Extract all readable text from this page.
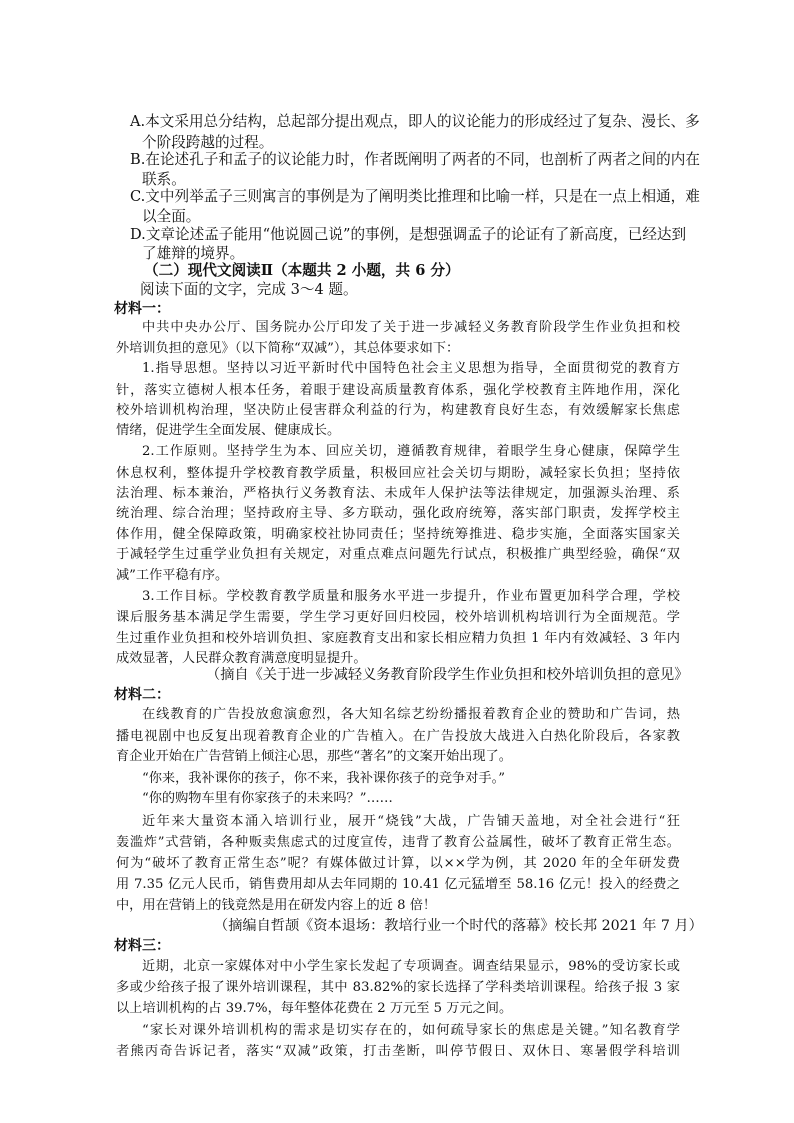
A.本文采用总分结构，总起部分提出观点，即人的议论能力的形成经过了复杂、漫长、多
个阶段跨越的过程。
B.在论述孔子和孟子的议论能力时，作者既阐明了两者的不同，也剖析了两者之间的内在
联系。
C.文中列举孟子三则寓言的事例是为了阐明类比推理和比喻一样，只是在一点上相通，难
以全面。
D.文章论述孟子能用“他说圆己说”的事例，是想强调孟子的论证有了新高度，已经达到
了雄辩的境界。
（二）现代文阅读Ⅱ（本题共 2 小题，共 6 分）
阅读下面的文字，完成 3～4 题。
材料一：
中共中央办公厅、国务院办公厅印发了关于进一步减轻义务教育阶段学生作业负担和校
外培训负担的意见》（以下简称“双减”），其总体要求如下：
1.指导思想。坚持以习近平新时代中国特色社会主义思想为指导，全面贯彻党的教育方
针，落实立德树人根本任务，着眼于建设高质量教育体系，强化学校教育主阵地作用，深化
校外培训机构治理，坚决防止侵害群众利益的行为，构建教育良好生态，有效缓解家长焦虑
情绪，促进学生全面发展、健康成长。
2.工作原则。坚持学生为本、回应关切，遵循教育规律，着眼学生身心健康，保障学生
休息权利，整体提升学校教育教学质量，积极回应社会关切与期盼，减轻家长负担；坚持依
法治理、标本兼治，严格执行义务教育法、未成年人保护法等法律规定，加强源头治理、系
统治理、综合治理；坚持政府主导、多方联动，强化政府统筹，落实部门职责，发挥学校主
体作用，健全保障政策，明确家校社协同责任；坚持统筹推进、稳步实施，全面落实国家关
于减轻学生过重学业负担有关规定，对重点难点问题先行试点，积极推广典型经验，确保“双
减”工作平稳有序。
3.工作目标。学校教育教学质量和服务水平进一步提升，作业布置更加科学合理，学校
课后服务基本满足学生需要，学生学习更好回归校园，校外培训机构培训行为全面规范。学
生过重作业负担和校外培训负担、家庭教育支出和家长相应精力负担 1 年内有效减轻、3 年内
成效显著，人民群众教育满意度明显提升。
（摘自《关于进一步减轻义务教育阶段学生作业负担和校外培训负担的意见》
材料二：
在线教育的广告投放愈演愈烈，各大知名综艺纷纷播报着教育企业的赞助和广告词，热
播电视剧中也反复出现着教育企业的广告植入。在广告投放大战进入白热化阶段后，各家教
育企业开始在广告营销上倾注心思，那些“著名”的文案开始出现了。
“你来，我补课你的孩子，你不来，我补课你孩子的竞争对手。”
“你的购物车里有你家孩子的未来吗？”……
近年来大量资本涌入培训行业，展开“烧钱”大战，广告铺天盖地，对全社会进行“狂
轰滥炸”式营销，各种贩卖焦虑式的过度宣传，违背了教育公益属性，破坏了教育正常生态。
何为“破坏了教育正常生态”呢？有媒体做过计算，以××学为例，其 2020 年的全年研发费
用 7.35 亿元人民币，销售费用却从去年同期的 10.41 亿元猛增至 58.16 亿元！投入的经费之
中，用在营销上的钱竟然是用在研发内容上的近 8 倍！
（摘编自哲颉《资本退场：教培行业一个时代的落幕》校长邦 2021 年 7 月）
材料三：
近期，北京一家媒体对中小学生家长发起了专项调查。调查结果显示，98%的受访家长或
多或少给孩子报了课外培训课程，其中 83.82%的家长选择了学科类培训课程。给孩子报 3 家
以上培训机构的占 39.7%，每年整体花费在 2 万元至 5 万元之间。
“家长对课外培训机构的需求是切实存在的，如何疏导家长的焦虑是关键。”知名教育学
者熊丙奇告诉记者，落实“双减”政策，打击垄断，叫停节假日、双休日、寒暑假学科培训
